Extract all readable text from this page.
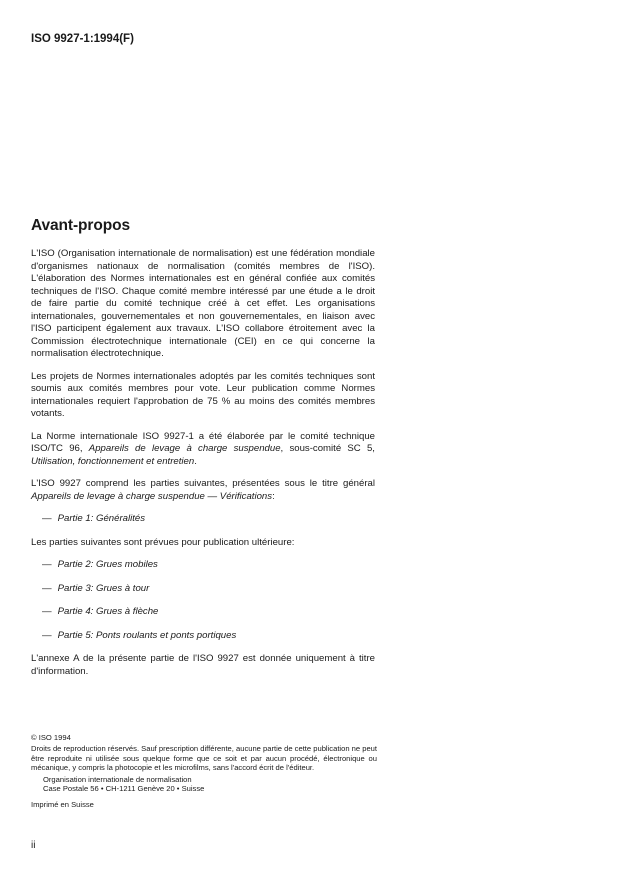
ISO 9927-1:1994(F)
Avant-propos

L'ISO (Organisation internationale de normalisation) est une fédération mondiale d'organismes nationaux de normalisation (comités membres de l'ISO). L'élaboration des Normes internationales est en général confiée aux comités techniques de l'ISO. Chaque comité membre intéressé par une étude a le droit de faire partie du comité technique créé à cet effet. Les organisations internationales, gouvernementales et non gouvernementales, en liaison avec l'ISO participent également aux travaux. L'ISO collabore étroitement avec la Commission électrotechnique internationale (CEI) en ce qui concerne la normalisation électrotechnique.

Les projets de Normes internationales adoptés par les comités techniques sont soumis aux comités membres pour vote. Leur publication comme Normes internationales requiert l'approbation de 75 % au moins des comités membres votants.

La Norme internationale ISO 9927-1 a été élaborée par le comité technique ISO/TC 96, Appareils de levage à charge suspendue, sous-comité SC 5, Utilisation, fonctionnement et entretien.

L'ISO 9927 comprend les parties suivantes, présentées sous le titre général Appareils de levage à charge suspendue — Vérifications:

— Partie 1: Généralités

Les parties suivantes sont prévues pour publication ultérieure:

— Partie 2: Grues mobiles

— Partie 3: Grues à tour

— Partie 4: Grues à flèche

— Partie 5: Ponts roulants et ponts portiques

L'annexe A de la présente partie de l'ISO 9927 est donnée uniquement à titre d'information.

© ISO 1994

Droits de reproduction réservés. Sauf prescription différente, aucune partie de cette publication ne peut être reproduite ni utilisée sous quelque forme que ce soit et par aucun procédé, électronique ou mécanique, y compris la photocopie et les microfilms, sans l'accord écrit de l'éditeur.

Organisation internationale de normalisation

Case Postale 56 • CH-1211 Genève 20 • Suisse

Imprimé en Suisse

ii
